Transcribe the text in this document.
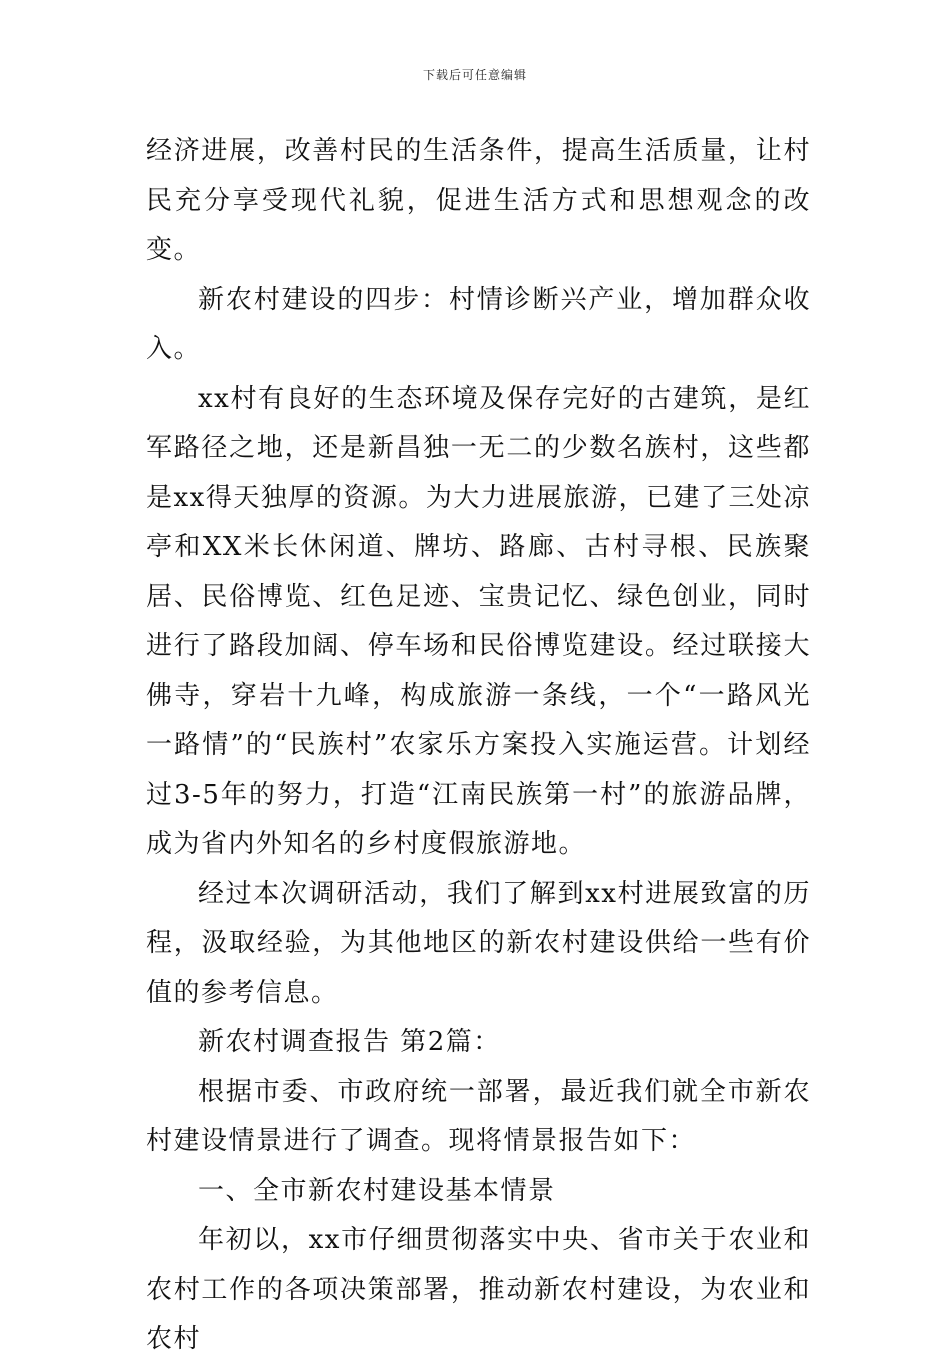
下载后可任意编辑

经济进展，改善村民的生活条件，提高生活质量，让村民充分享受现代礼貌，促进生活方式和思想观念的改变。

新农村建设的四步：村情诊断兴产业，增加群众收入。

xx村有良好的生态环境及保存完好的古建筑，是红军路径之地，还是新昌独一无二的少数名族村，这些都是xx得天独厚的资源。为大力进展旅游，已建了三处凉亭和XX米长休闲道、牌坊、路廊、古村寻根、民族聚居、民俗博览、红色足迹、宝贵记忆、绿色创业，同时进行了路段加阔、停车场和民俗博览建设。经过联接大佛寺，穿岩十九峰，构成旅游一条线，一个“一路风光一路情”的“民族村”农家乐方案投入实施运营。计划经过3-5年的努力，打造“江南民族第一村”的旅游品牌，成为省内外知名的乡村度假旅游地。

经过本次调研活动，我们了解到xx村进展致富的历程，汲取经验，为其他地区的新农村建设供给一些有价值的参考信息。

新农村调查报告 第2篇：

根据市委、市政府统一部署，最近我们就全市新农村建设情景进行了调查。现将情景报告如下：

一、全市新农村建设基本情景

年初以，xx市仔细贯彻落实中央、省市关于农业和农村工作的各项决策部署，推动新农村建设，为农业和农村
